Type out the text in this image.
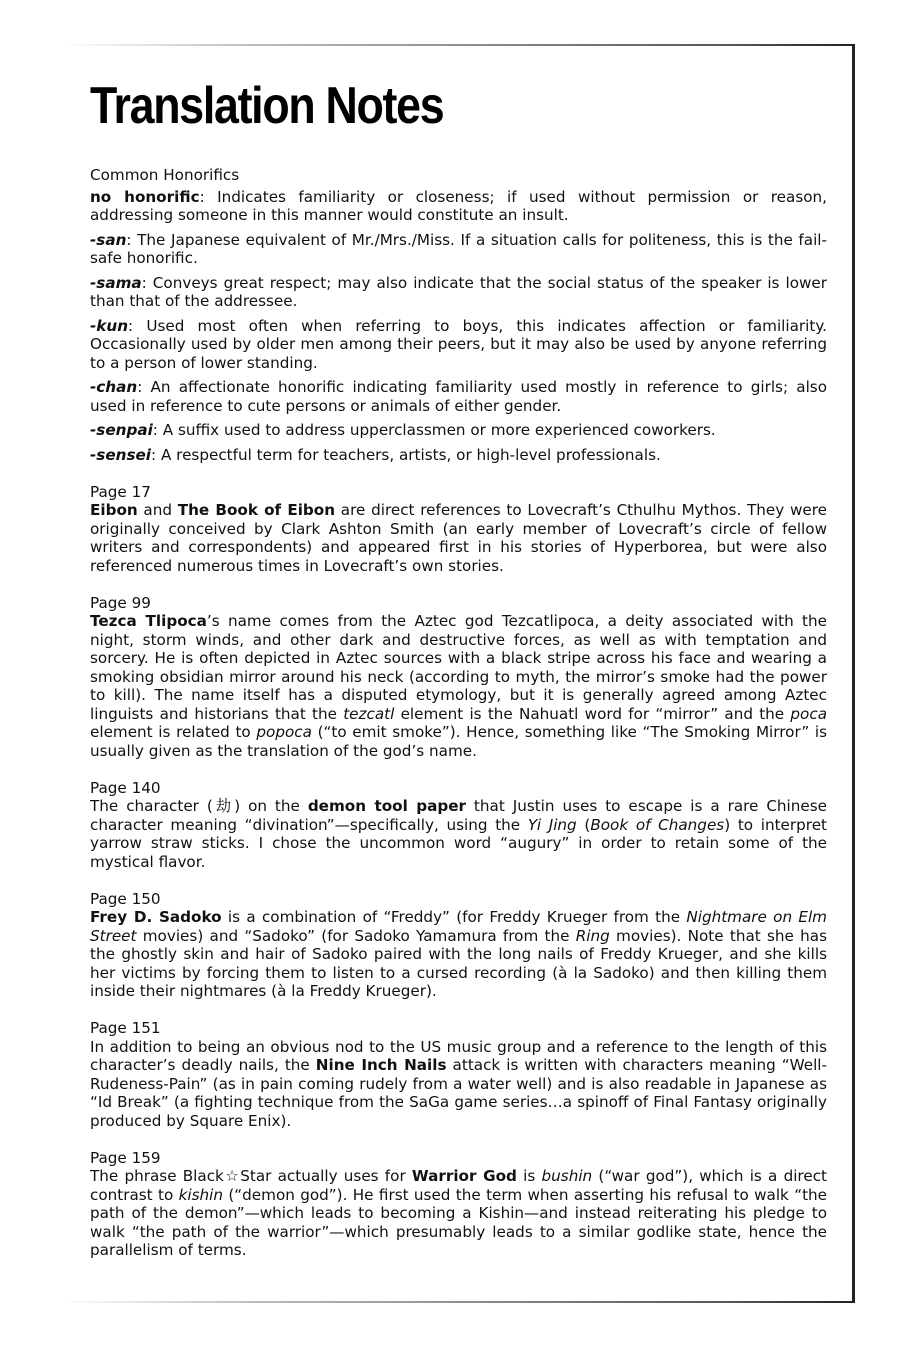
Translation Notes
Common Honorifics
no honorific: Indicates familiarity or closeness; if used without permission or reason, addressing someone in this manner would constitute an insult.
-san: The Japanese equivalent of Mr./Mrs./Miss. If a situation calls for politeness, this is the fail-safe honorific.
-sama: Conveys great respect; may also indicate that the social status of the speaker is lower than that of the addressee.
-kun: Used most often when referring to boys, this indicates affection or familiarity. Occasionally used by older men among their peers, but it may also be used by anyone referring to a person of lower standing.
-chan: An affectionate honorific indicating familiarity used mostly in reference to girls; also used in reference to cute persons or animals of either gender.
-senpai: A suffix used to address upperclassmen or more experienced coworkers.
-sensei: A respectful term for teachers, artists, or high-level professionals.
Page 17

Eibon and The Book of Eibon are direct references to Lovecraft’s Cthulhu Mythos. They were originally conceived by Clark Ashton Smith (an early member of Lovecraft’s circle of fellow writers and correspondents) and appeared first in his stories of Hyperborea, but were also referenced numerous times in Lovecraft’s own stories.

Page 99

Tezca Tlipoca’s name comes from the Aztec god Tezcatlipoca, a deity associated with the night, storm winds, and other dark and destructive forces, as well as with temptation and sorcery. He is often depicted in Aztec sources with a black stripe across his face and wearing a smoking obsidian mirror around his neck (according to myth, the mirror’s smoke had the power to kill). The name itself has a disputed etymology, but it is generally agreed among Aztec linguists and historians that the tezcatl element is the Nahuatl word for “mirror” and the poca element is related to popoca (“to emit smoke”). Hence, something like “The Smoking Mirror” is usually given as the translation of the god’s name.

Page 140

The character (劫) on the demon tool paper that Justin uses to escape is a rare Chinese character meaning “divination”—specifically, using the Yi Jing (Book of Changes) to interpret yarrow straw sticks. I chose the uncommon word “augury” in order to retain some of the mystical flavor.

Page 150

Frey D. Sadoko is a combination of “Freddy” (for Freddy Krueger from the Nightmare on Elm Street movies) and “Sadoko” (for Sadoko Yamamura from the Ring movies). Note that she has the ghostly skin and hair of Sadoko paired with the long nails of Freddy Krueger, and she kills her victims by forcing them to listen to a cursed recording (à la Sadoko) and then killing them inside their nightmares (à la Freddy Krueger).

Page 151

In addition to being an obvious nod to the US music group and a reference to the length of this character’s deadly nails, the Nine Inch Nails attack is written with characters meaning “Well-Rudeness-Pain” (as in pain coming rudely from a water well) and is also readable in Japanese as “Id Break” (a fighting technique from the SaGa game series…a spinoff of Final Fantasy originally produced by Square Enix).

Page 159

The phrase Black☆Star actually uses for Warrior God is bushin (“war god”), which is a direct contrast to kishin (“demon god”). He first used the term when asserting his refusal to walk “the path of the demon”—which leads to becoming a Kishin—and instead reiterating his pledge to walk “the path of the warrior”—which presumably leads to a similar godlike state, hence the parallelism of terms.
